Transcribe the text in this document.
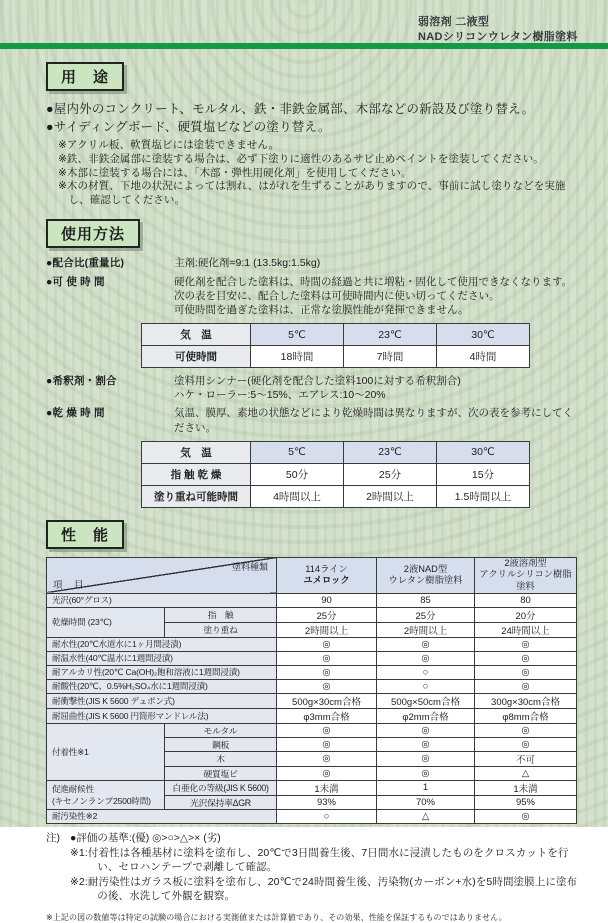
弱溶剤 二液型
NADシリコンウレタン樹脂塗料
用　途
●屋内外のコンクリート、モルタル、鉄・非鉄金属部、木部などの新設及び塗り替え。
●サイディングボード、硬質塩ビなどの塗り替え。
※アクリル板、軟質塩ビには塗装できません。
※鉄、非鉄金属部に塗装する場合は、必ず下塗りに適性のあるサビ止めペイントを塗装してください。
※木部に塗装する場合には、「木部・弾性用硬化剤」を使用してください。
※木の材質、下地の状況によっては割れ、はがれを生ずることがありますので、事前に試し塗りなどを実施し、確認してください。
使用方法
●配合比(重量比)	主剤:硬化剤=9:1 (13.5kg:1.5kg)
●可 使 時 間	硬化剤を配合した塗料は、時間の経過と共に増粘・固化して使用できなくなります。
次の表を目安に、配合した塗料は可使時間内に使い切ってください。
可使時間を過ぎた塗料は、正常な塗膜性能が発揮できません。
気　温	5℃	23℃	30℃
可使時間	18時間	7時間	4時間
●希釈剤・割合	塗料用シンナー(硬化剤を配合した塗料100に対する希釈割合)
ハケ・ローラー:5〜15%、エアレス:10〜20%
●乾 燥 時 間	気温、膜厚、素地の状態などにより乾燥時間は異なりますが、次の表を参考にしてください。
気　温	5℃	23℃	30℃
指 触 乾 燥	50分	25分	15分
塗り重ね可能時間	4時間以上	2時間以上	1.5時間以上
性　能
塗料種類
項　目

114ライン
ユメロック

2液NAD型
ウレタン樹脂塗料

2液溶剤型
アクリルシリコン樹脂塗料

光沢(60°グロス)		90	85	80
乾燥時間 (23℃)	指　触	25分	25分	20分
	塗り重ね	2時間以上	2時間以上	24時間以上
耐水性(20℃水道水に1ヶ月間浸漬)		◎	◎	◎
耐温水性(40℃温水に1週間浸漬)		◎	◎	◎
耐アルカリ性(20℃ Ca(OH)₂飽和溶液に1週間浸漬)		◎	○	◎
耐酸性(20℃、0.5%H₂SO₄水に1週間浸漬)		◎	○	◎
耐衝撃性(JIS K 5600 デュポン式)		500g×30cm合格	500g×50cm合格	300g×30cm合格
耐屈曲性(JIS K 5600 円筒形マンドレル法)		φ3mm合格	φ2mm合格	φ8mm合格
付着性※1	モルタル	◎	◎	◎
	鋼板	◎	◎	◎
	木	◎	◎	不可
	硬質塩ビ	◎	◎	△

促進耐候性
(キセノンランプ2500時間)	白亜化の等級(JIS K 5600)	1未満	1	1未満
	光沢保持率ΔGR	93%	70%	95%
耐汚染性※2		○	△	◎
注) ●評価の基準:(優) ◎>○>△>× (劣)
※1:付着性は各種基材に塗料を塗布し、20℃で3日間養生後、7日間水に浸漬したものをクロスカットを行い、セロハンテープで剥離して確認。
※2:耐汚染性はガラス板に塗料を塗布し、20℃で24時間養生後、汚染物(カーボン+水)を5時間塗膜上に塗布の後、水洗して外観を観察。
※上記の図の数値等は特定の試験の場合における実測値または計算値であり、その効果、性能を保証するものではありません。
